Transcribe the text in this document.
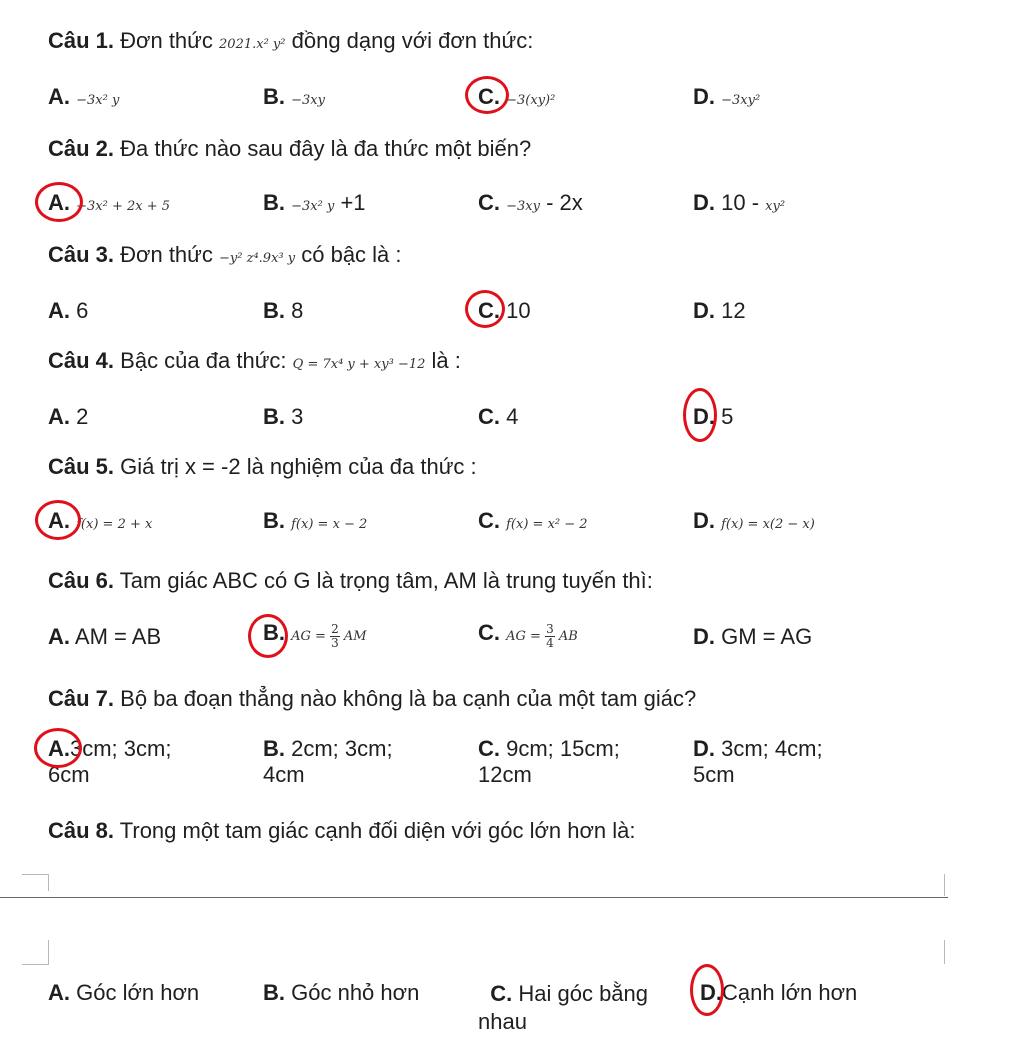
Câu 1. Đơn thức 2021.x² y² đồng dạng với đơn thức:
A. −3x² y	B. −3xy	C. −3(xy)²	D. −3xy²
Câu 2. Đa thức nào sau đây là đa thức một biến?
A. −3x² + 2x + 5	B. −3x² y +1	C. −3xy - 2x	D. 10 - xy²
Câu 3. Đơn thức −y² z⁴.9x³ y có bậc là :
A. 6	B. 8	C. 10	D. 12
Câu 4. Bậc của đa thức: Q = 7x⁴ y + xy³ −12 là :
A. 2	B. 3	C. 4	D. 5
Câu 5. Giá trị x = -2 là nghiệm của đa thức :
A. f(x) = 2 + x	B. f(x) = x − 2	C. f(x) = x² − 2	D. f(x) = x(2 − x)
Câu 6. Tam giác ABC có G là trọng tâm, AM là trung tuyến thì:
A. AM = AB	B. AG = $\frac{2}{3}$ AM	C. AG = $\frac{3}{4}$ AB	D. GM = AG
Câu 7. Bộ ba đoạn thẳng nào không là ba cạnh của một tam giác?
A.3cm; 3cm;
6cm
B. 2cm; 3cm;
4cm
C. 9cm; 15cm;
12cm
D. 3cm; 4cm;
5cm
Câu 8. Trong một tam giác cạnh đối diện với góc lớn hơn là:
A. Góc lớn hơn	B. Góc nhỏ hơn	C. Hai góc bằng
nhau
D.Cạnh lớn hơn
